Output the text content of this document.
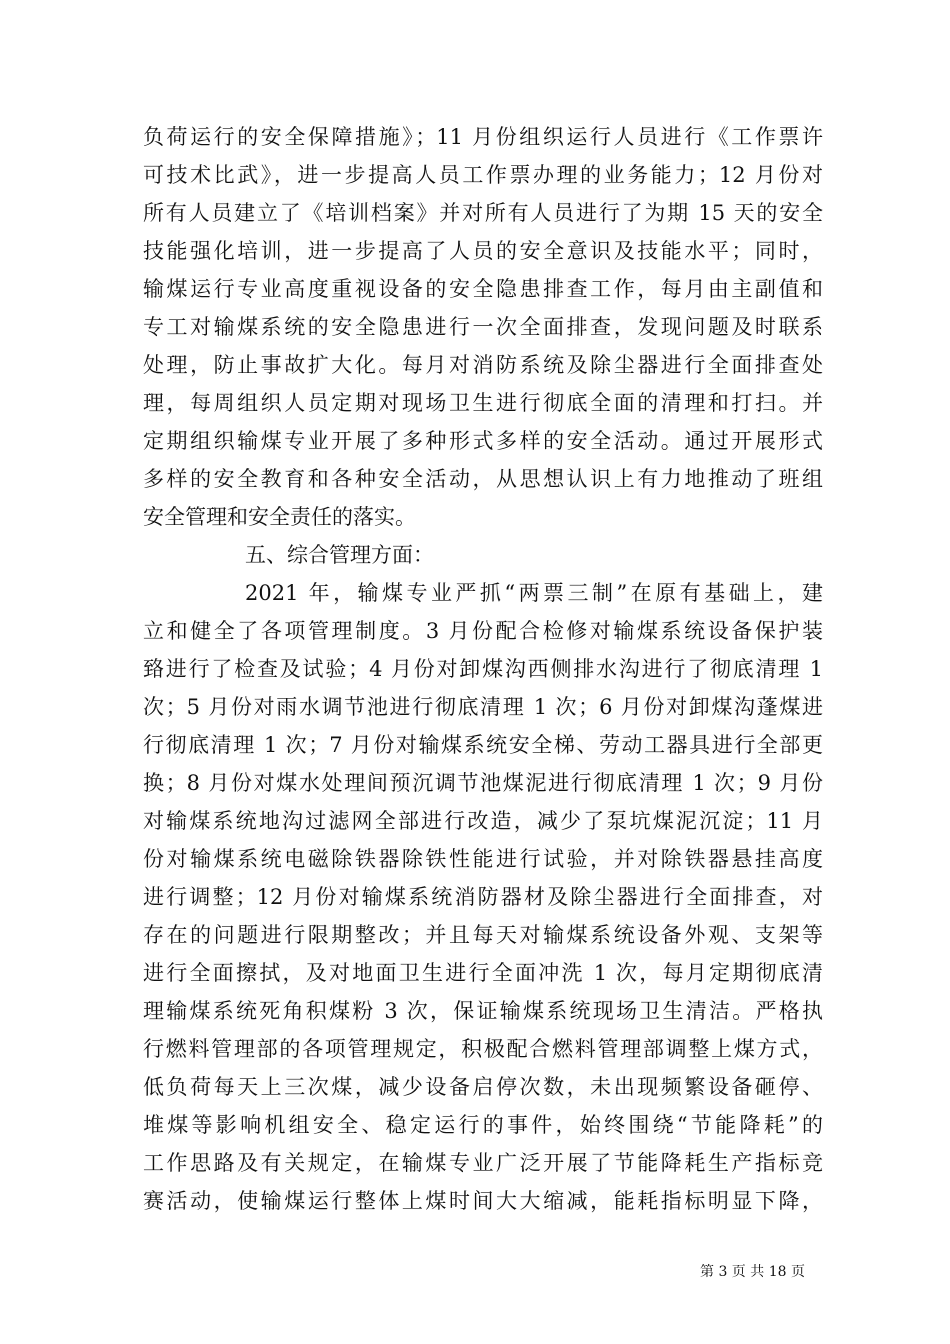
负荷运行的安全保障措施》；11 月份组织运行人员进行《工作票许
可技术比武》，进一步提高人员工作票办理的业务能力；12 月份对
所有人员建立了《培训档案》并对所有人员进行了为期 15 天的安全
技能强化培训，进一步提高了人员的安全意识及技能水平；同时，
输煤运行专业高度重视设备的安全隐患排查工作，每月由主副值和
专工对输煤系统的安全隐患进行一次全面排查，发现问题及时联系
处理，防止事故扩大化。每月对消防系统及除尘器进行全面排查处
理，每周组织人员定期对现场卫生进行彻底全面的清理和打扫。并
定期组织输煤专业开展了多种形式多样的安全活动。通过开展形式
多样的安全教育和各种安全活动，从思想认识上有力地推动了班组
安全管理和安全责任的落实。
五、综合管理方面：
2021 年，输煤专业严抓“两票三制”在原有基础上，建
立和健全了各项管理制度。3 月份配合检修对输煤系统设备保护装
臵进行了检查及试验；4 月份对卸煤沟西侧排水沟进行了彻底清理 1
次；5 月份对雨水调节池进行彻底清理 1 次；6 月份对卸煤沟蓬煤进
行彻底清理 1 次；7 月份对输煤系统安全梯、劳动工器具进行全部更
换；8 月份对煤水处理间预沉调节池煤泥进行彻底清理 1 次；9 月份
对输煤系统地沟过滤网全部进行改造，减少了泵坑煤泥沉淀；11 月
份对输煤系统电磁除铁器除铁性能进行试验，并对除铁器悬挂高度
进行调整；12 月份对输煤系统消防器材及除尘器进行全面排查，对
存在的问题进行限期整改；并且每天对输煤系统设备外观、支架等
进行全面擦拭，及对地面卫生进行全面冲洗 1 次，每月定期彻底清
理输煤系统死角积煤粉 3 次，保证输煤系统现场卫生清洁。严格执
行燃料管理部的各项管理规定，积极配合燃料管理部调整上煤方式，
低负荷每天上三次煤，减少设备启停次数，未出现频繁设备砸停、
堆煤等影响机组安全、稳定运行的事件，始终围绕“节能降耗”的
工作思路及有关规定，在输煤专业广泛开展了节能降耗生产指标竞
赛活动，使输煤运行整体上煤时间大大缩减，能耗指标明显下降，
第 3 页 共 18 页
